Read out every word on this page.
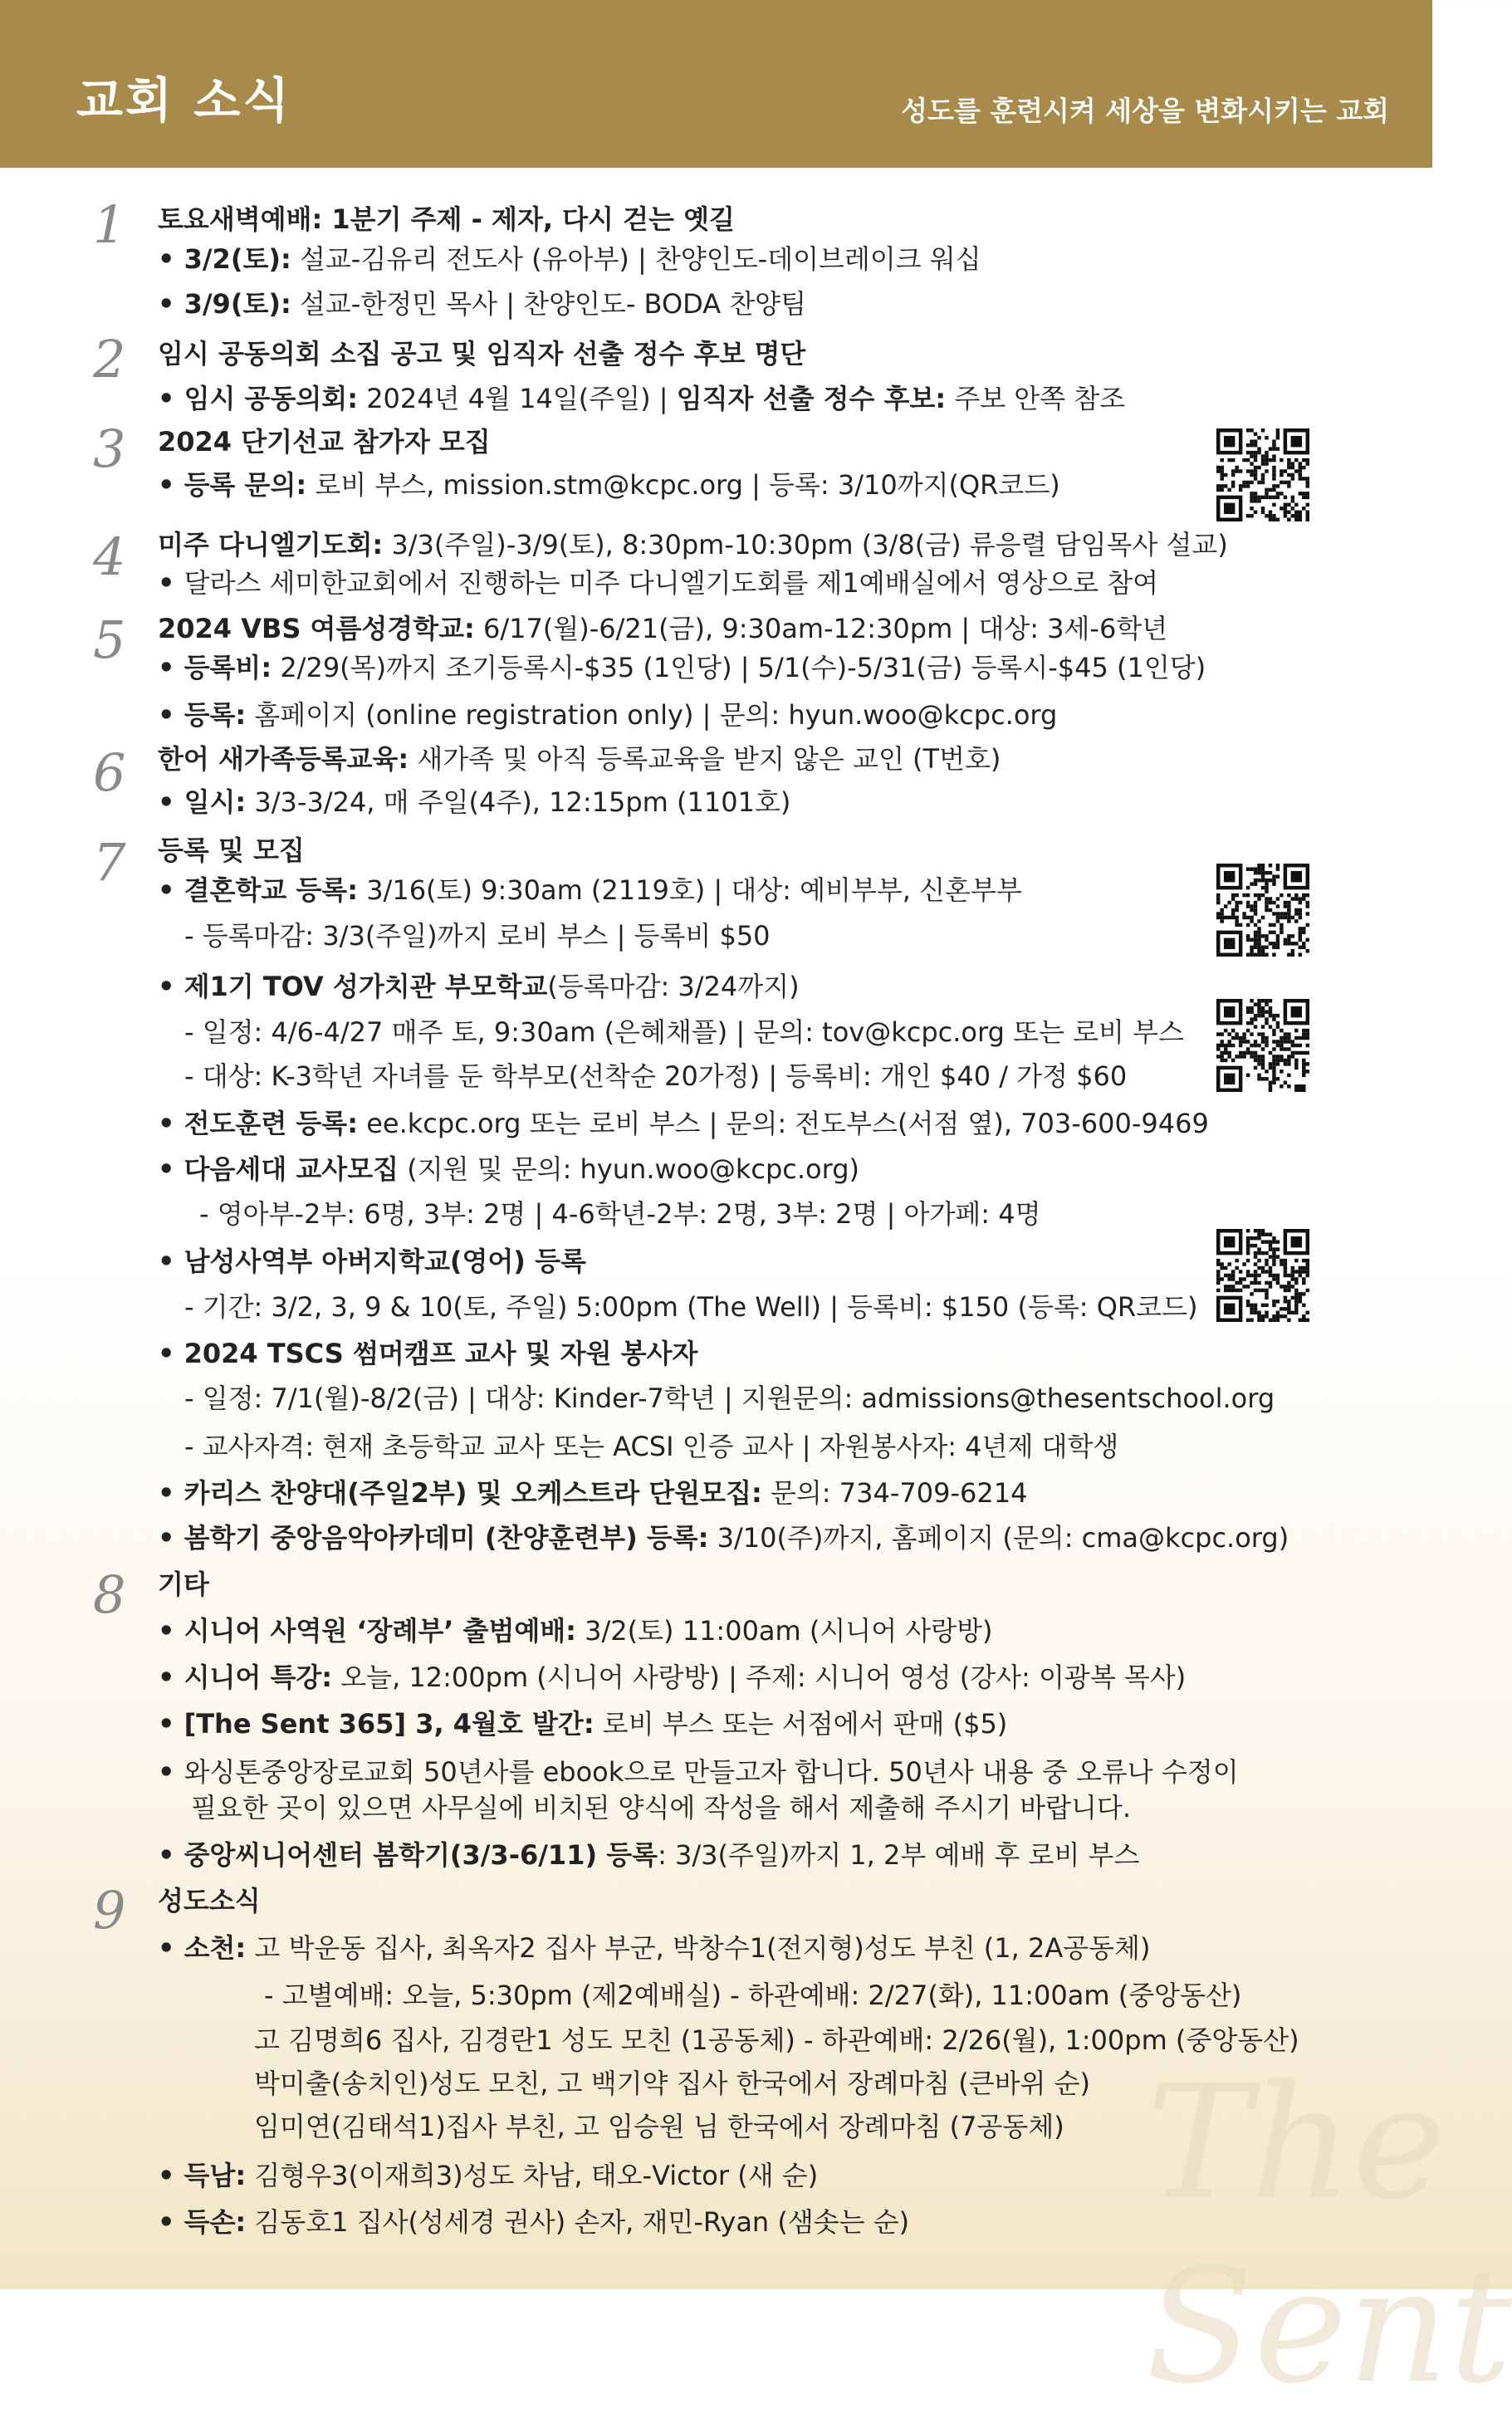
교회 소식	성도를 훈련시켜 세상을 변화시키는 교회
The Sent
1 토요새벽예배: 1분기 주제 - 제자, 다시 걷는 옛길
• 3/2(토): 설교-김유리 전도사 (유아부) | 찬양인도-데이브레이크 워십
• 3/9(토): 설교-한정민 목사 | 찬양인도- BODA 찬양팀
2 임시 공동의회 소집 공고 및 임직자 선출 정수 후보 명단
• 임시 공동의회: 2024년 4월 14일(주일) | 임직자 선출 정수 후보: 주보 안쪽 참조
3 2024 단기선교 참가자 모집
• 등록 문의: 로비 부스, mission.stm@kcpc.org | 등록: 3/10까지(QR코드)
4 미주 다니엘기도회: 3/3(주일)-3/9(토), 8:30pm-10:30pm (3/8(금) 류응렬 담임목사 설교)
• 달라스 세미한교회에서 진행하는 미주 다니엘기도회를 제1예배실에서 영상으로 참여
5 2024 VBS 여름성경학교: 6/17(월)-6/21(금), 9:30am-12:30pm | 대상: 3세-6학년
• 등록비: 2/29(목)까지 조기등록시-$35 (1인당) | 5/1(수)-5/31(금) 등록시-$45 (1인당)
• 등록: 홈페이지 (online registration only) | 문의: hyun.woo@kcpc.org
6 한어 새가족등록교육: 새가족 및 아직 등록교육을 받지 않은 교인 (T번호)
• 일시: 3/3-3/24, 매 주일(4주), 12:15pm (1101호)
7 등록 및 모집
• 결혼학교 등록: 3/16(토) 9:30am (2119호) | 대상: 예비부부, 신혼부부
- 등록마감: 3/3(주일)까지 로비 부스 | 등록비 $50
• 제1기 TOV 성가치관 부모학교(등록마감: 3/24까지)
- 일정: 4/6-4/27 매주 토, 9:30am (은혜채플) | 문의: tov@kcpc.org 또는 로비 부스
- 대상: K-3학년 자녀를 둔 학부모(선착순 20가정) | 등록비: 개인 $40 / 가정 $60
• 전도훈련 등록: ee.kcpc.org 또는 로비 부스 | 문의: 전도부스(서점 옆), 703-600-9469
• 다음세대 교사모집 (지원 및 문의: hyun.woo@kcpc.org)
- 영아부-2부: 6명, 3부: 2명 | 4-6학년-2부: 2명, 3부: 2명 | 아가페: 4명
• 남성사역부 아버지학교(영어) 등록
- 기간: 3/2, 3, 9 & 10(토, 주일) 5:00pm (The Well) | 등록비: $150 (등록: QR코드)
• 2024 TSCS 썸머캠프 교사 및 자원 봉사자
- 일정: 7/1(월)-8/2(금) | 대상: Kinder-7학년 | 지원문의: admissions@thesentschool.org
- 교사자격: 현재 초등학교 교사 또는 ACSI 인증 교사 | 자원봉사자: 4년제 대학생
• 카리스 찬양대(주일2부) 및 오케스트라 단원모집: 문의: 734-709-6214
• 봄학기 중앙음악아카데미 (찬양훈련부) 등록: 3/10(주)까지, 홈페이지 (문의: cma@kcpc.org)
8 기타
• 시니어 사역원 ‘장례부’ 출범예배: 3/2(토) 11:00am (시니어 사랑방)
• 시니어 특강: 오늘, 12:00pm (시니어 사랑방) | 주제: 시니어 영성 (강사: 이광복 목사)
• [The Sent 365] 3, 4월호 발간: 로비 부스 또는 서점에서 판매 ($5)
• 와싱톤중앙장로교회 50년사를 ebook으로 만들고자 합니다. 50년사 내용 중 오류나 수정이
필요한 곳이 있으면 사무실에 비치된 양식에 작성을 해서 제출해 주시기 바랍니다.
• 중앙씨니어센터 봄학기(3/3-6/11) 등록: 3/3(주일)까지 1, 2부 예배 후 로비 부스
9 성도소식
• 소천: 고 박운동 집사, 최옥자2 집사 부군, 박창수1(전지형)성도 부친 (1, 2A공동체)
- 고별예배: 오늘, 5:30pm (제2예배실) - 하관예배: 2/27(화), 11:00am (중앙동산)
고 김명희6 집사, 김경란1 성도 모친 (1공동체) - 하관예배: 2/26(월), 1:00pm (중앙동산)
박미출(송치인)성도 모친, 고 백기약 집사 한국에서 장례마침 (큰바위 순)
임미연(김태석1)집사 부친, 고 임승원 님 한국에서 장례마침 (7공동체)
• 득남: 김형우3(이재희3)성도 차남, 태오-Victor (새 순)
• 득손: 김동호1 집사(성세경 권사) 손자, 재민-Ryan (샘솟는 순)
